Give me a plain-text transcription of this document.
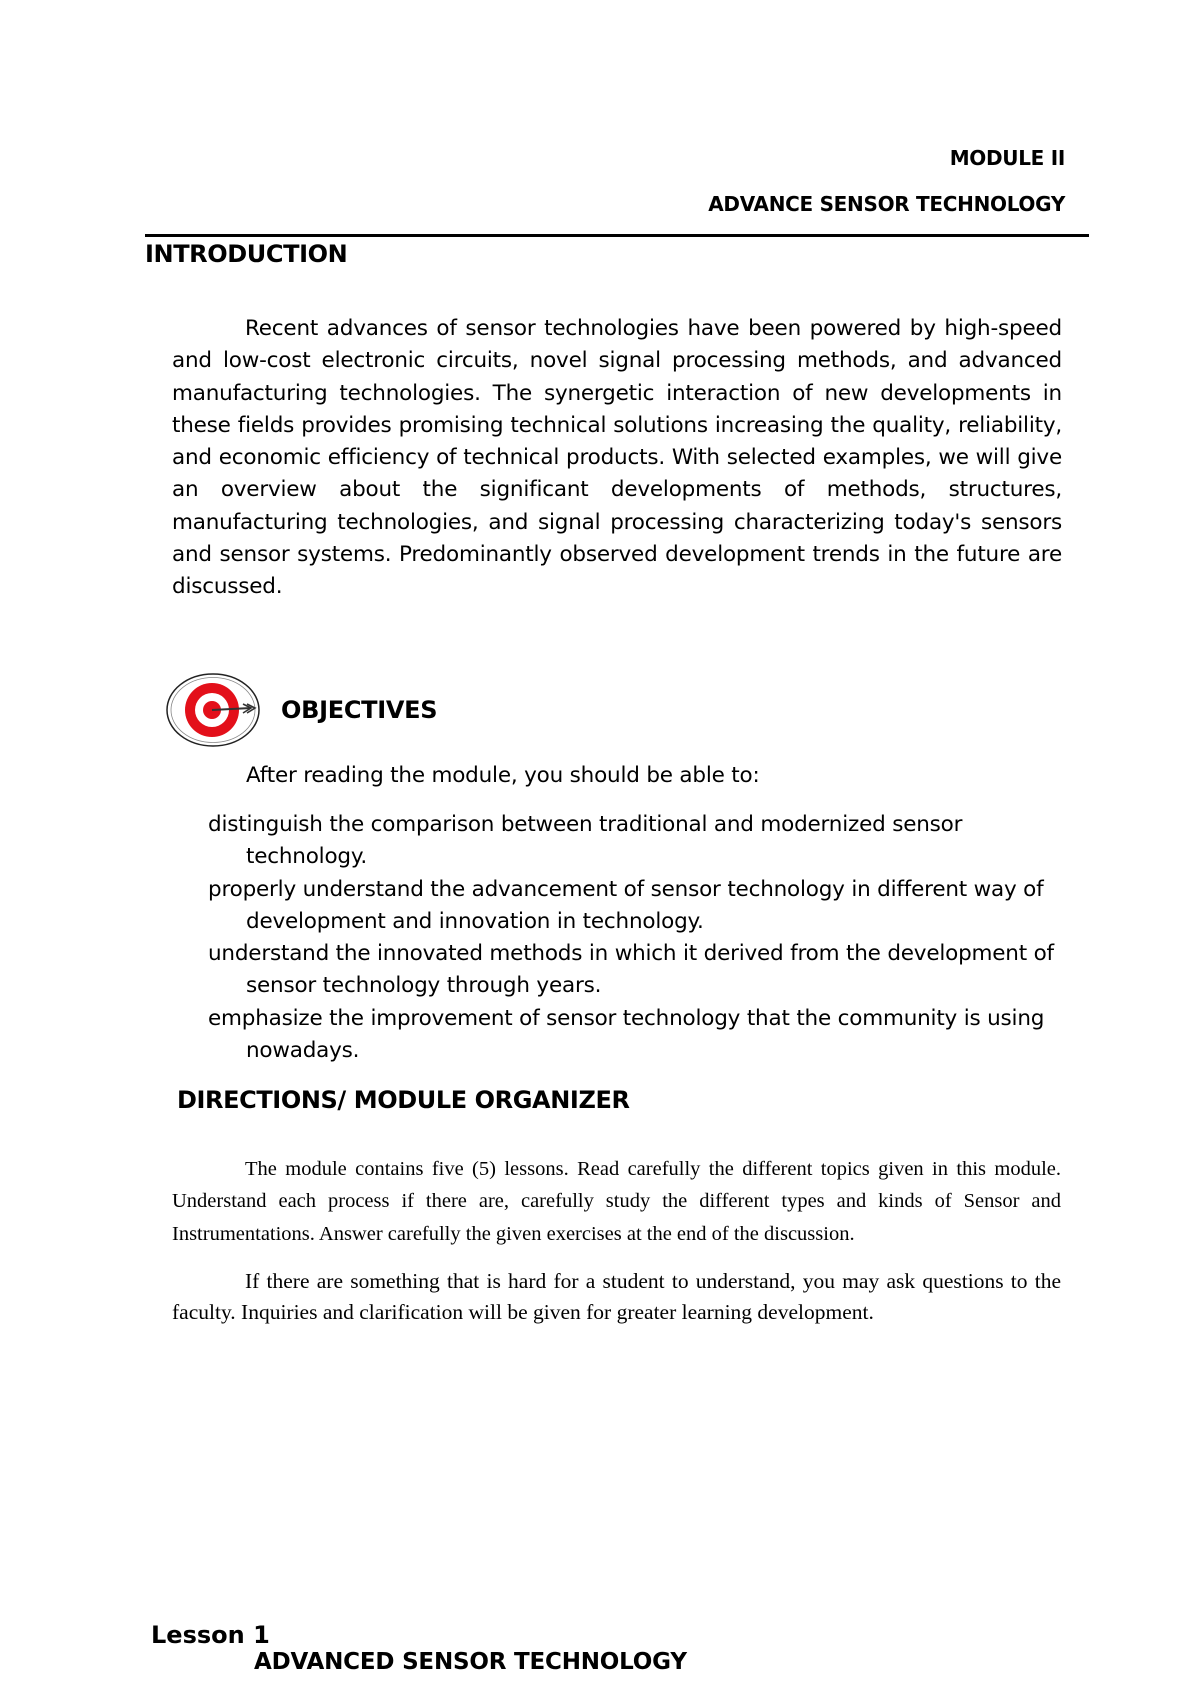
MODULE II
ADVANCE SENSOR TECHNOLOGY
INTRODUCTION
Recent advances of sensor technologies have been powered by high-speed and low-cost electronic circuits, novel signal processing methods, and advanced manufacturing technologies. The synergetic interaction of new developments in these fields provides promising technical solutions increasing the quality, reliability, and economic efficiency of technical products. With selected examples, we will give an overview about the significant developments of methods, structures, manufacturing technologies, and signal processing characterizing today's sensors and sensor systems. Predominantly observed development trends in the future are discussed.
OBJECTIVES
After reading the module, you should be able to:
distinguish the comparison between traditional and modernized sensor technology.
properly understand the advancement of sensor technology in different way of development and innovation in technology.
understand the innovated methods in which it derived from the development of sensor technology through years.
emphasize the improvement of sensor technology that the community is using nowadays.
DIRECTIONS/ MODULE ORGANIZER
The module contains five (5) lessons. Read carefully the different topics given in this module. Understand each process if there are, carefully study the different types and kinds of Sensor and Instrumentations. Answer carefully the given exercises at the end of the discussion.
If there are something that is hard for a student to understand, you may ask questions to the faculty. Inquiries and clarification will be given for greater learning development.
Lesson 1
ADVANCED SENSOR TECHNOLOGY
